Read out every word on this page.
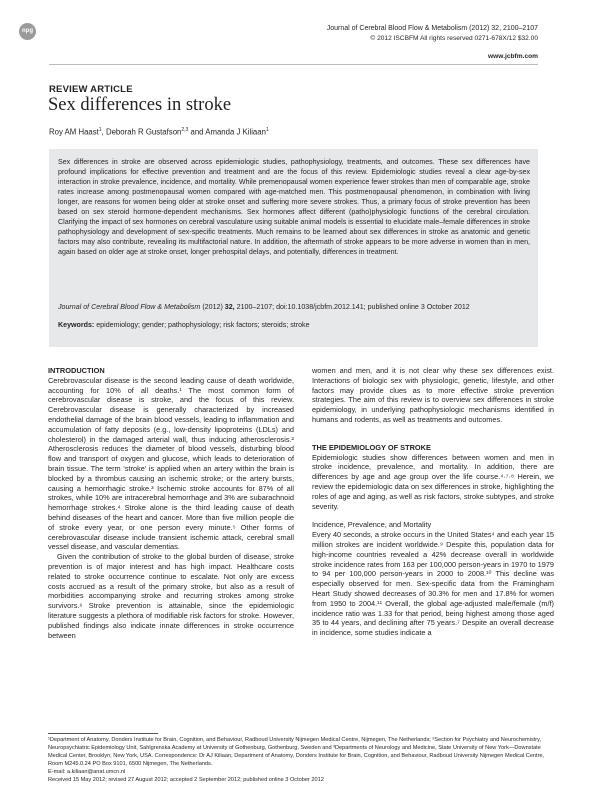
npg	Journal of Cerebral Blood Flow & Metabolism (2012) 32, 2100–2107
© 2012 ISCBFM All rights reserved 0271-678X/12 $32.00
www.jcbfm.com
REVIEW ARTICLE
Sex differences in stroke
Roy AM Haast$^1$, Deborah R Gustafson$^{2,3}$ and Amanda J Kiliaan$^1$
Sex differences in stroke are observed across epidemiologic studies, pathophysiology, treatments, and outcomes. These sex differences have profound implications for effective prevention and treatment and are the focus of this review. Epidemiologic studies reveal a clear age-by-sex interaction in stroke prevalence, incidence, and mortality. While premenopausal women experience fewer strokes than men of comparable age, stroke rates increase among postmenopausal women compared with age-matched men. This postmenopausal phenomenon, in combination with living longer, are reasons for women being older at stroke onset and suffering more severe strokes. Thus, a primary focus of stroke prevention has been based on sex steroid hormone-dependent mechanisms. Sex hormones affect different (patho)physiologic functions of the cerebral circulation. Clarifying the impact of sex hormones on cerebral vasculature using suitable animal models is essential to elucidate male–female differences in stroke pathophysiology and development of sex-specific treatments. Much remains to be learned about sex differences in stroke as anatomic and genetic factors may also contribute, revealing its multifactorial nature. In addition, the aftermath of stroke appears to be more adverse in women than in men, again based on older age at stroke onset, longer prehospital delays, and potentially, differences in treatment.
Journal of Cerebral Blood Flow & Metabolism (2012) 32, 2100–2107; doi:10.1038/jcbfm.2012.141; published online 3 October 2012
Keywords: epidemiology; gender; pathophysiology; risk factors; steroids; stroke

INTRODUCTION

Cerebrovascular disease is the second leading cause of death worldwide, accounting for 10% of all deaths.¹ The most common form of cerebrovascular disease is stroke, and the focus of this review. Cerebrovascular disease is generally characterized by increased endothelial damage of the brain blood vessels, leading to inflammation and accumulation of fatty deposits (e.g., low-density lipoproteins (LDLs) and cholesterol) in the damaged arterial wall, thus inducing atherosclerosis.² Atherosclerosis reduces the diameter of blood vessels, disturbing blood flow and transport of oxygen and glucose, which leads to deterioration of brain tissue. The term ‘stroke’ is applied when an artery within the brain is blocked by a thrombus causing an ischemic stroke; or the artery bursts, causing a hemorrhagic stroke.³ Ischemic stroke accounts for 87% of all strokes, while 10% are intracerebral hemorrhage and 3% are subarachnoid hemorrhage strokes.⁴ Stroke alone is the third leading cause of death behind diseases of the heart and cancer. More than five million people die of stroke every year, or one person every minute.⁵ Other forms of cerebrovascular disease include transient ischemic attack, cerebral small vessel disease, and vascular dementias.

Given the contribution of stroke to the global burden of disease, stroke prevention is of major interest and has high impact. Healthcare costs related to stroke occurrence continue to escalate. Not only are excess costs accrued as a result of the primary stroke, but also as a result of morbidities accompanying stroke and recurring strokes among stroke survivors.⁶ Stroke prevention is attainable, since the epidemiologic literature suggests a plethora of modifiable risk factors for stroke. However, published findings also indicate innate differences in stroke occurrence between

women and men, and it is not clear why these sex differences exist. Interactions of biologic sex with physiologic, genetic, lifestyle, and other factors may provide clues as to more effective stroke prevention strategies. The aim of this review is to overview sex differences in stroke epidemiology, in underlying pathophysiologic mechanisms identified in humans and rodents, as well as treatments and outcomes.

THE EPIDEMIOLOGY OF STROKE

Epidemiologic studies show differences between women and men in stroke incidence, prevalence, and mortality. In addition, there are differences by age and age group over the life course.⁴·⁷·⁸ Herein, we review the epidemiologic data on sex differences in stroke, highlighting the roles of age and aging, as well as risk factors, stroke subtypes, and stroke severity.

Incidence, Prevalence, and Mortality

Every 40 seconds, a stroke occurs in the United States⁴ and each year 15 million strokes are incident worldwide.⁹ Despite this, population data for high-income countries revealed a 42% decrease overall in worldwide stroke incidence rates from 163 per 100,000 person-years in 1970 to 1979 to 94 per 100,000 person-years in 2000 to 2008.¹⁰ This decline was especially observed for men. Sex-specific data from the Framingham Heart Study showed decreases of 30.3% for men and 17.8% for women from 1950 to 2004.¹¹ Overall, the global age-adjusted male/female (m/f) incidence ratio was 1.33 for that period, being highest among those aged 35 to 44 years, and declining after 75 years.⁷ Despite an overall decrease in incidence, some studies indicate a

¹Department of Anatomy, Donders Institute for Brain, Cognition, and Behaviour, Radboud University Nijmegen Medical Centre, Nijmegen, The Netherlands; ²Section for Psychiatry and Neurochemistry, Neuropsychiatric Epidemiology Unit, Sahlgrenska Academy at University of Gothenburg, Gothenburg, Sweden and ³Departments of Neurology and Medicine, State University of New York—Downstate Medical Center, Brooklyn, New York, USA. Correspondence: Dr AJ Kiliaan, Department of Anatomy, Donders Institute for Brain, Cognition, and Behaviour, Radboud University Nijmegen Medical Centre, Room M245.0.24 PO Box 9101, 6500 Nijmegen, The Netherlands.

E-mail: a.kiliaan@anat.umcn.nl

Received 15 May 2012; revised 27 August 2012; accepted 2 September 2012; published online 3 October 2012
